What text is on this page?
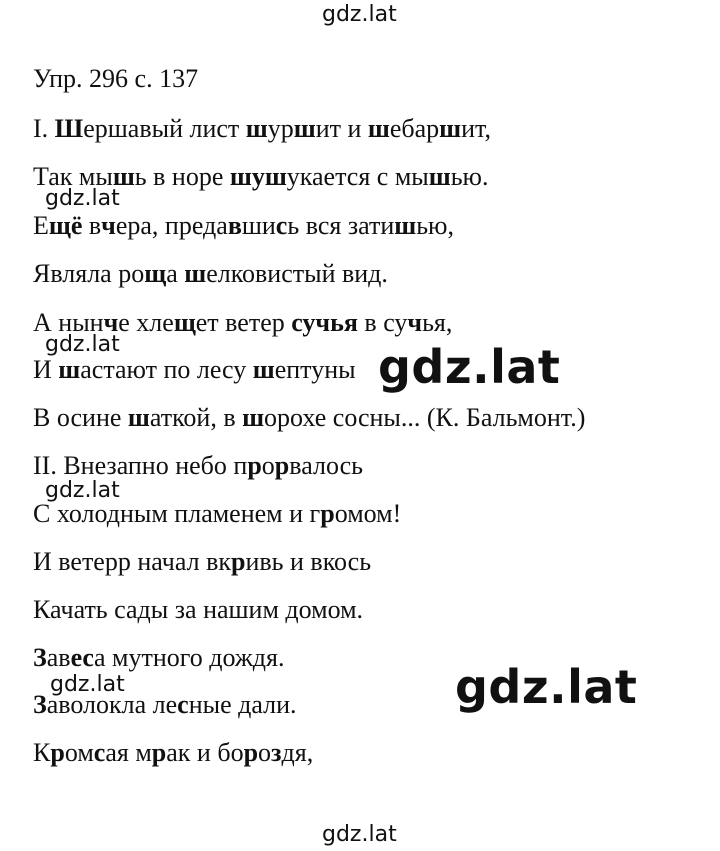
gdz.lat
gdz.lat
gdz.lat
gdz.lat
gdz.lat
gdz.lat
gdz.lat
gdz.lat
Упр. 296 с. 137
I. Шершавый лист шуршит и шебаршит,
Так мышь в норе шушукается с мышью.
Ещё вчера, предавшись вся затишью,
Являла роща шелковистый вид.
А нынче хлещет ветер сучья в сучья,
И шастают по лесу шептуны
В осине шаткой, в шорохе сосны... (К. Бальмонт.)
II. Внезапно небо прорвалось
С холодным пламенем и громом!
И ветерр начал вкривь и вкось
Качать сады за нашим домом.
Завеса мутного дождя.
Заволокла лесные дали.
Кромсая мрак и бороздя,
